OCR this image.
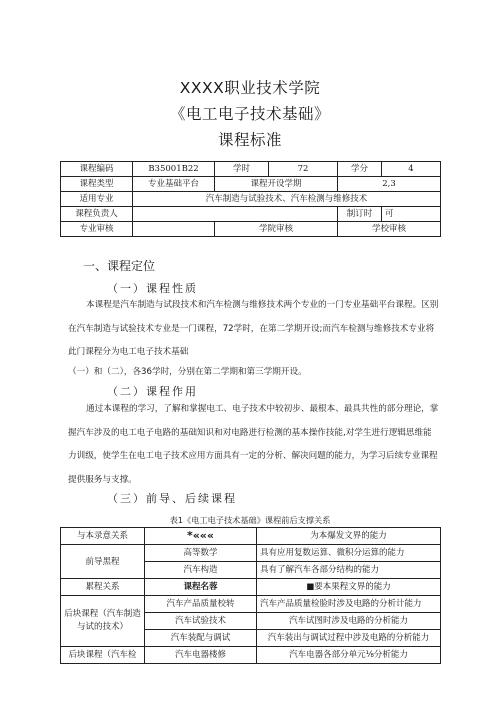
XXXX职业技术学院
《电工电子技术基础》
课程标准
课程编码	B35001B22	学时	72	学分	4
课程类型	专业基础平台	课程开设学期		2,3	
适用专业	汽车制造与试验技术、汽车检测与维修技术				
课程负责人				制订时	可
专业审核		学院审核		学校审核	
一、课程定位
（一）课程性质
本课程是汽车制造与试段技术和汽车检测与维修技术两个专业的一门专业基础平台课程。区别在汽车制造与试验技术专业是一门课程，72学时，在第二学期开设;而汽车检测与维修技术专业将此门课程分为电工电子技术基础
（一）和（二），各36学时，分别在第二学期和第三学期开设。
（二）课程作用
通过本课程的学习，了解和掌握电工、电子技术中较初步、最根本、最具共性的部分理论，掌握汽车涉及的电工电子电路的基础知识和对电路进行检测的基本操作技能,对学生进行逻辑思维能力训级，使学生在电工电子技术应用方面具有一定的分析、解决问题的能力，为学习后续专业课程提供服务与支撑。
（三）前导、后续课程
表1《电工电子技术基础》课程前后支撑关系
与本录意关系	*«««	为本爆发文界的能力
前导黑程	高等数学	具有应用复数运算、微积分运算的能力
	汽车构造	具有了解汽车各部分结构的能力
累程关系	课程名蓉	■要本果程文界的能力
后块课程（汽车制造与试的技术）	汽车产品质量校转	汽车产品质量检脸时涉及电路的分析计能力
	汽车试验技术	汽车试图时涉及电路的分析能力
	汽车装配与调试	汽车装出与调试过程中涉及电路的分析能力
后块课程（汽车检	汽车电器楼修	汽车电器各部分单元⅛分析能力
